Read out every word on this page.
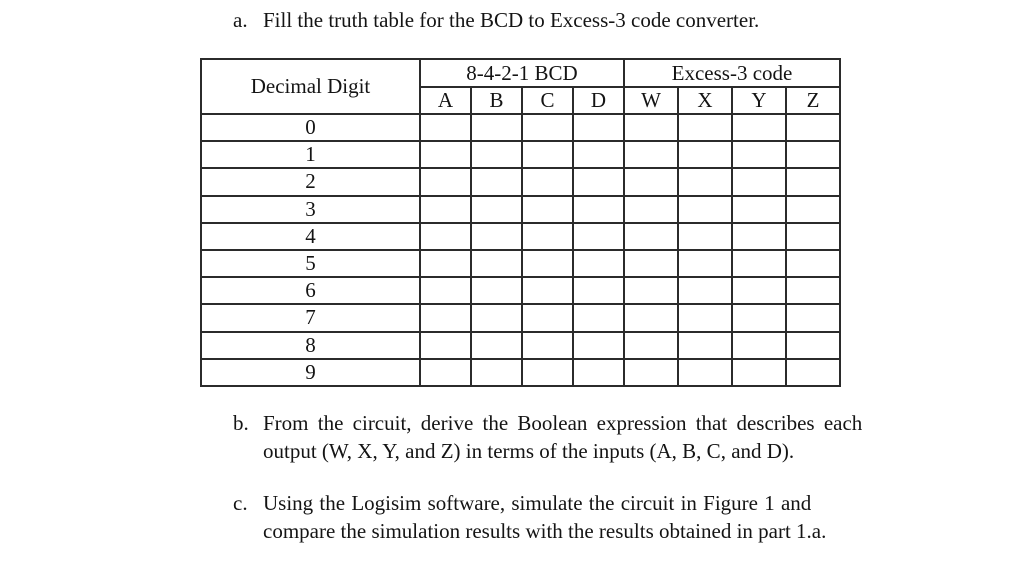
a. Fill the truth table for the BCD to Excess-3 code converter.
Decimal Digit	8-4-2-1 BCD				Excess-3 code			
	A	B	C	D	W	X	Y	Z
0								
1								
2								
3								
4								
5								
6								
7								
8								
9								
b. From the circuit, derive the Boolean expression that describes each
output (W, X, Y, and Z) in terms of the inputs (A, B, C, and D).
c. Using the Logisim software, simulate the circuit in Figure 1 and
compare the simulation results with the results obtained in part 1.a.
